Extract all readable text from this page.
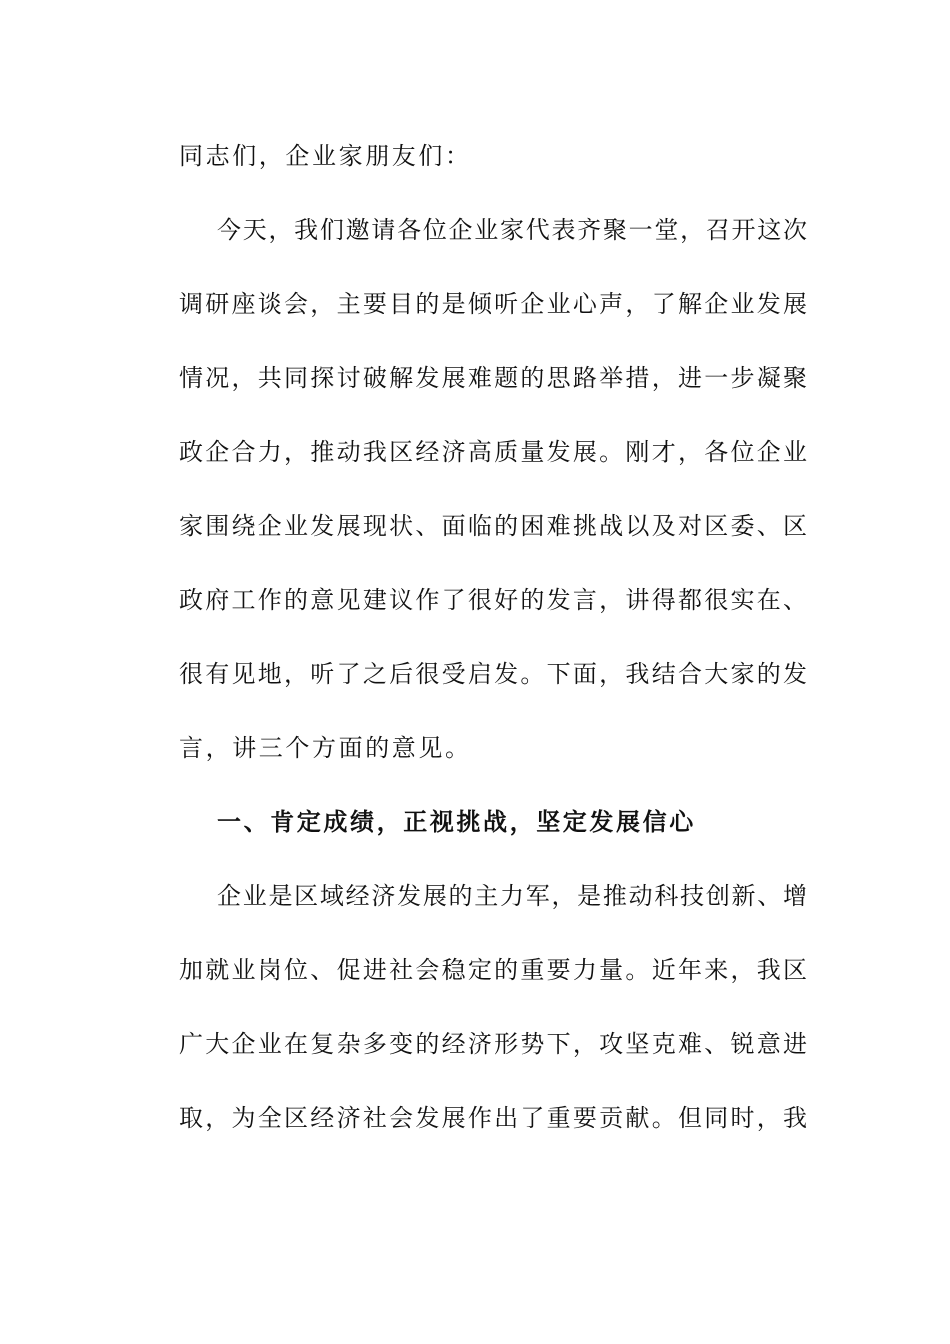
同志们，企业家朋友们：
今天，我们邀请各位企业家代表齐聚一堂，召开这次
调研座谈会，主要目的是倾听企业心声，了解企业发展
情况，共同探讨破解发展难题的思路举措，进一步凝聚
政企合力，推动我区经济高质量发展。刚才，各位企业
家围绕企业发展现状、面临的困难挑战以及对区委、区
政府工作的意见建议作了很好的发言，讲得都很实在、
很有见地，听了之后很受启发。下面，我结合大家的发
言，讲三个方面的意见。
一、肯定成绩，正视挑战，坚定发展信心
企业是区域经济发展的主力军，是推动科技创新、增
加就业岗位、促进社会稳定的重要力量。近年来，我区
广大企业在复杂多变的经济形势下，攻坚克难、锐意进
取，为全区经济社会发展作出了重要贡献。但同时，我
